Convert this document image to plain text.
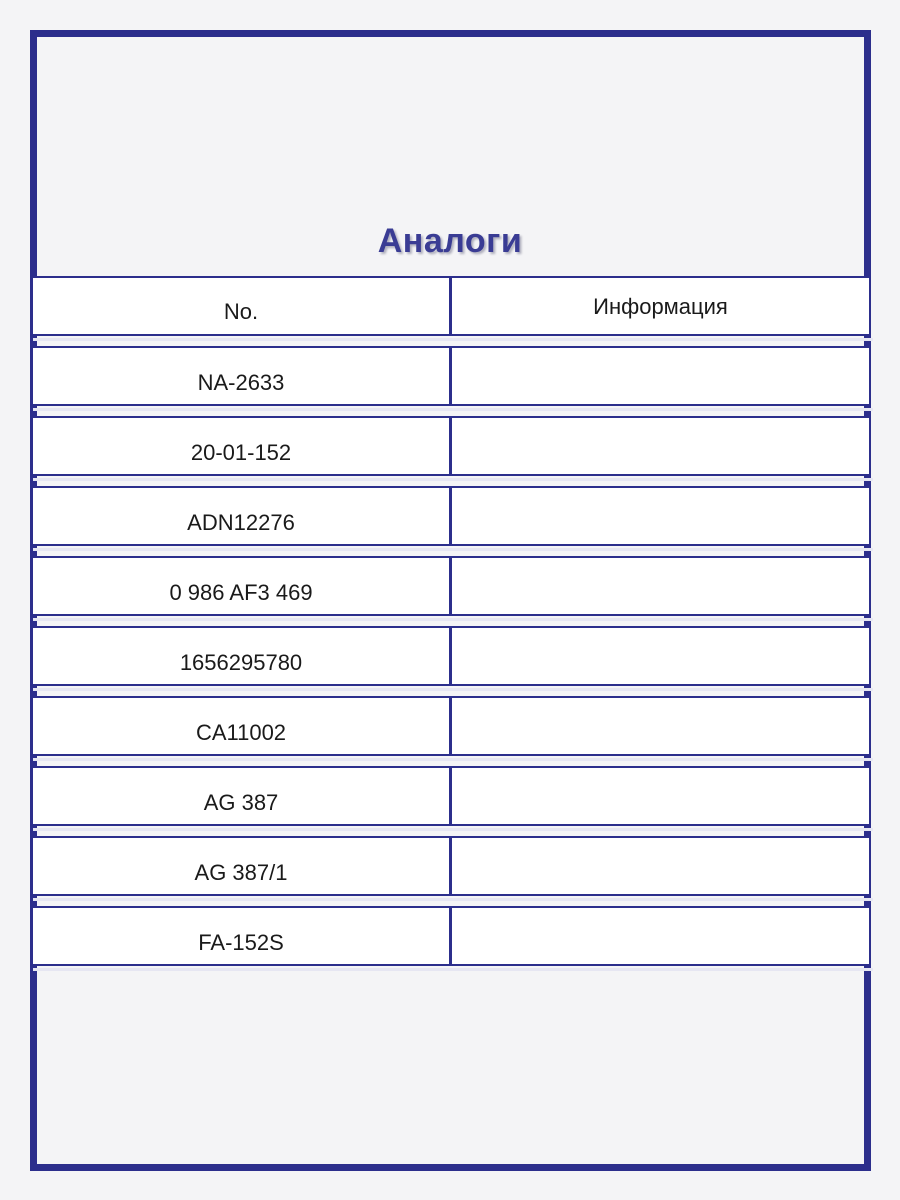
Аналоги
No.	Информация
NA-2633
20-01-152
ADN12276
0 986 AF3 469
1656295780
CA11002
AG 387
AG 387/1
FA-152S
